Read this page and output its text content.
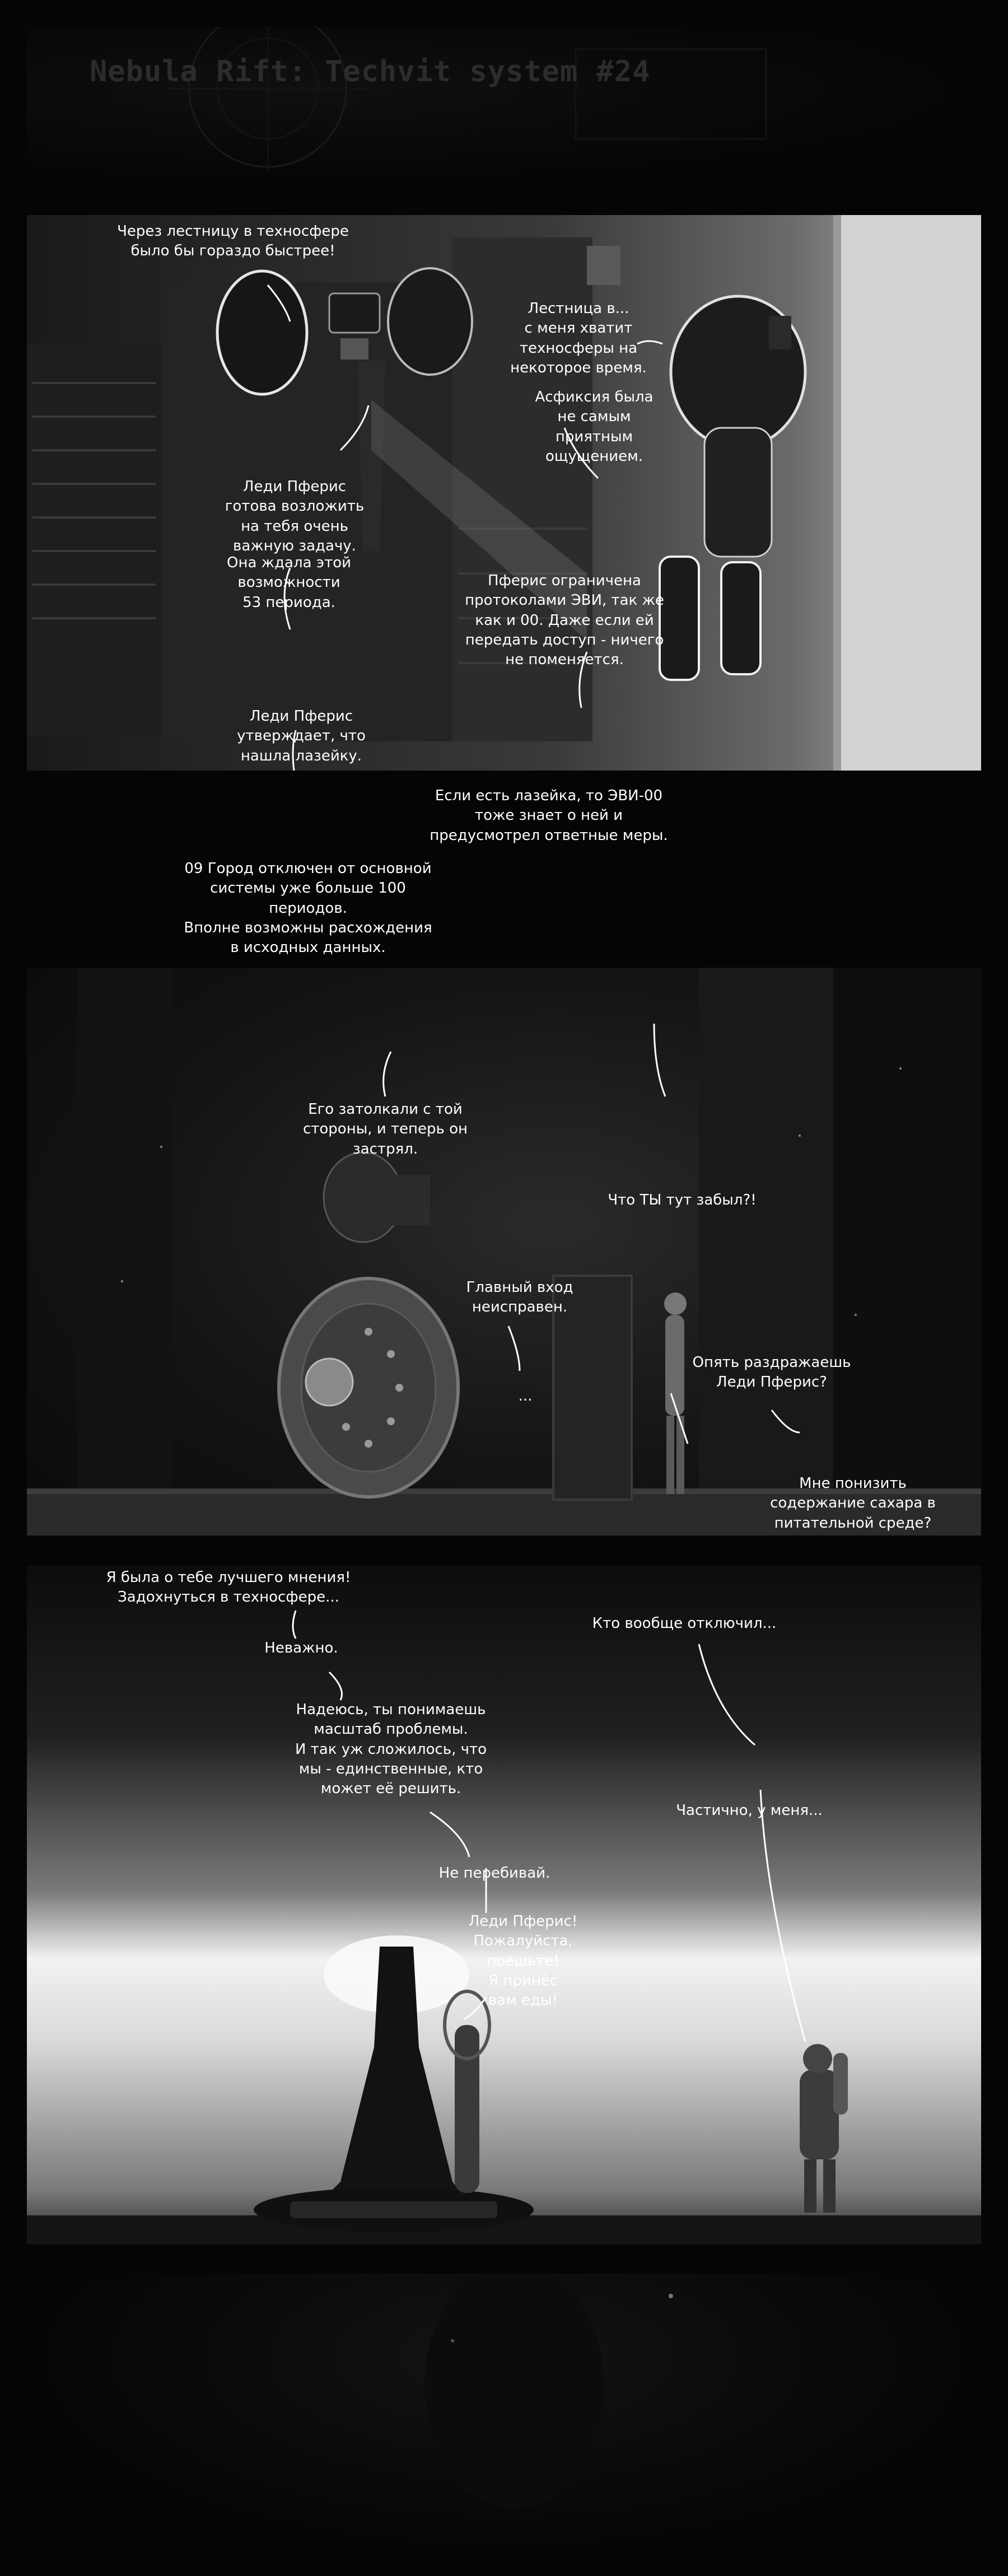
Nebula Rift: Techvit system #24
Через лестницу в техносфере
было бы гораздо быстрее!
Лестница в...
с меня хватит
техносферы на
некоторое время.
Асфиксия была
не самым
приятным
ощущением.
Леди Пферис
готова возложить
на тебя очень
важную задачу.
Она ждала этой
возможности
53 периода.
Пферис ограничена
протоколами ЭВИ, так же
как и 00. Даже если ей
передать доступ - ничего
не поменяется.
Леди Пферис
утверждает, что
нашла лазейку.
Если есть лазейка, то ЭВИ-00
тоже знает о ней и
предусмотрел ответные меры.
09 Город отключен от основной
системы уже больше 100
периодов.
Вполне возможны расхождения
в исходных данных.
Его затолкали с той
стороны, и теперь он
застрял.
Что ТЫ тут забыл?!
Главный вход
неисправен.
...
Опять раздражаешь
Леди Пферис?
Мне понизить
содержание сахара в
питательной среде?
Я была о тебе лучшего мнения!
Задохнуться в техносфере...
Неважно.
Надеюсь, ты понимаешь
масштаб проблемы.
И так уж сложилось, что
мы - единственные, кто
может её решить.
Не перебивай.
Леди Пферис!
Пожалуйста,
поешьте!
Я принёс
вам еды!
Кто вообще отключил...
Частично, у меня...
